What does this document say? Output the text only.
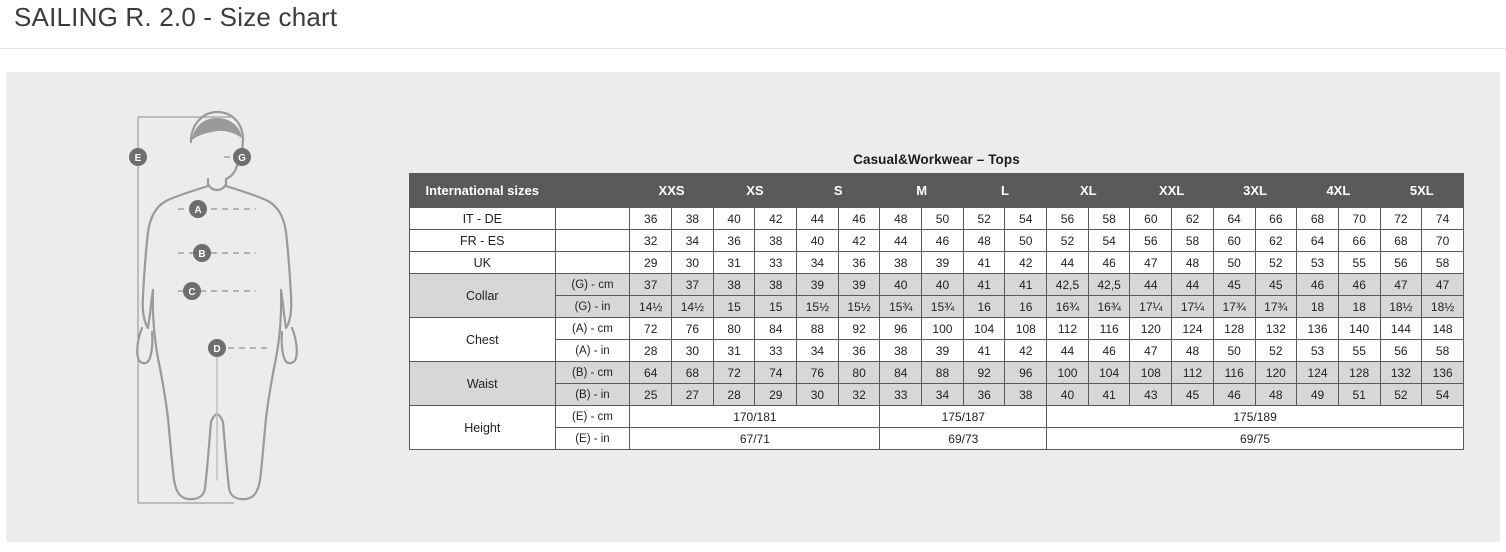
SAILING R. 2.0 - Size chart
E	G
A
B
C
D
Casual&Workwear – Tops
International sizes		XXS		XS		S		M		L		XL		XXL		3XL		4XL		5XL	
IT - DE		36	38	40	42	44	46	48	50	52	54	56	58	60	62	64	66	68	70	72	74
FR - ES		32	34	36	38	40	42	44	46	48	50	52	54	56	58	60	62	64	66	68	70
UK		29	30	31	33	34	36	38	39	41	42	44	46	47	48	50	52	53	55	56	58
Collar	(G) - cm	37	37	38	38	39	39	40	40	41	41	42,5	42,5	44	44	45	45	46	46	47	47
	(G) - in	14½	14½	15	15	15½	15½	15¾	15¾	16	16	16¾	16¾	17¼	17¼	17¾	17¾	18	18	18½	18½
Chest	(A) - cm	72	76	80	84	88	92	96	100	104	108	112	116	120	124	128	132	136	140	144	148
	(A) - in	28	30	31	33	34	36	38	39	41	42	44	46	47	48	50	52	53	55	56	58
Waist	(B) - cm	64	68	72	74	76	80	84	88	92	96	100	104	108	112	116	120	124	128	132	136
	(B) - in	25	27	28	29	30	32	33	34	36	38	40	41	43	45	46	48	49	51	52	54
Height	(E) - cm	170/181						175/187				175/189									
	(E) - in	67/71						69/73				69/75									
